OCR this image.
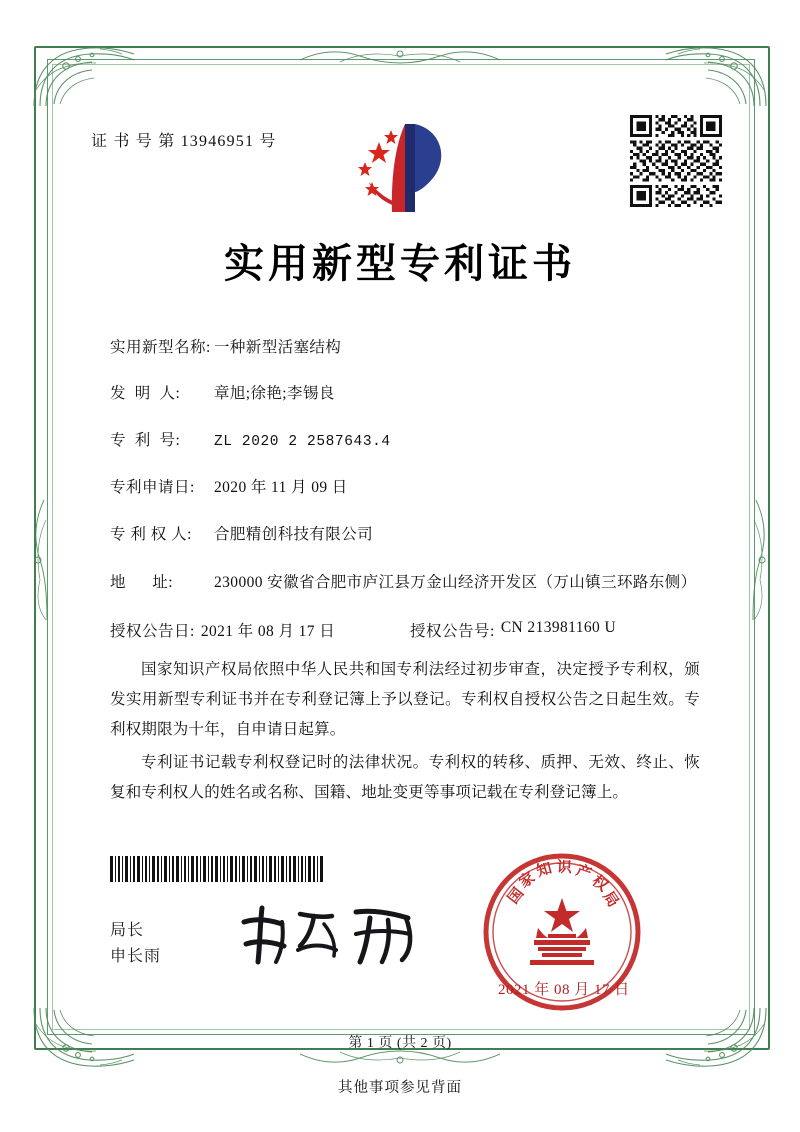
证 书 号 第 13946951 号
实用新型专利证书
实用新型名称: 一种新型活塞结构
发  明  人:	章旭;徐艳;李锡良
专  利  号:	ZL 2020 2 2587643.4
专利申请日:	2020 年 11 月 09 日
专 利 权 人:	合肥精创科技有限公司
地      址:	230000 安徽省合肥市庐江县万金山经济开发区（万山镇三环路东侧）
授权公告日: 2021 年 08 月 17 日	授权公告号: CN 213981160 U

国家知识产权局依照中华人民共和国专利法经过初步审查，决定授予专利权，颁发实用新型专利证书并在专利登记簿上予以登记。专利权自授权公告之日起生效。专利权期限为十年，自申请日起算。

专利证书记载专利权登记时的法律状况。专利权的转移、质押、无效、终止、恢复和专利权人的姓名或名称、国籍、地址变更等事项记载在专利登记簿上。

局长
申长雨
国
家
知 识 产
权
局
2021 年 08 月 17 日
第 1 页 (共 2 页)
其他事项参见背面
